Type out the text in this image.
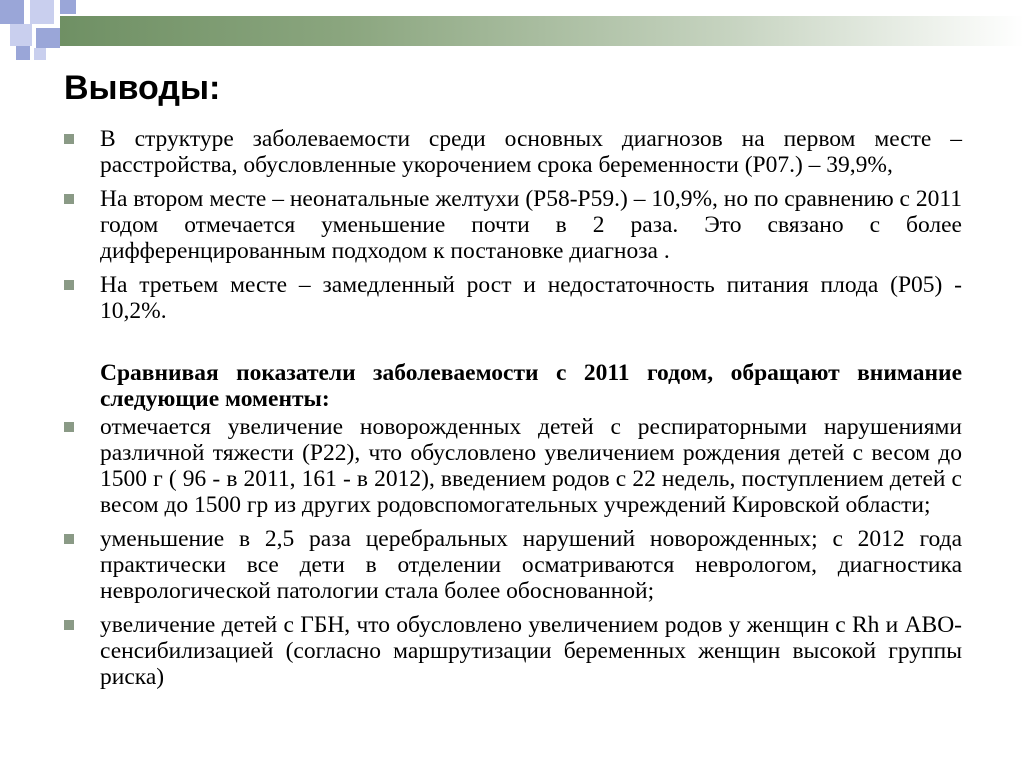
Выводы:
В структуре заболеваемости среди основных диагнозов на первом месте – расстройства, обусловленные укорочением срока беременности (Р07.) – 39,9%,
На втором месте – неонатальные желтухи (Р58-Р59.) – 10,9%, но по сравнению с 2011 годом отмечается уменьшение почти в 2 раза. Это связано с более дифференцированным подходом к постановке диагноза .
На третьем месте – замедленный рост и недостаточность питания плода (Р05) - 10,2%.

Сравнивая показатели заболеваемости с 2011 годом, обращают внимание следующие моменты:

отмечается увеличение новорожденных детей с респираторными нарушениями различной тяжести (Р22), что обусловлено увеличением рождения детей с весом до 1500 г ( 96 - в 2011, 161 - в 2012), введением родов с 22 недель, поступлением детей с весом до 1500 гр из других родовспомогательных учреждений Кировской области;
уменьшение в 2,5 раза церебральных нарушений новорожденных; с 2012 года практически все дети в отделении осматриваются неврологом, диагностика неврологической патологии стала более обоснованной;
увеличение детей с ГБН, что обусловлено увеличением родов у женщин с Rh и АВО-сенсибилизацией (согласно маршрутизации беременных женщин высокой группы риска)
